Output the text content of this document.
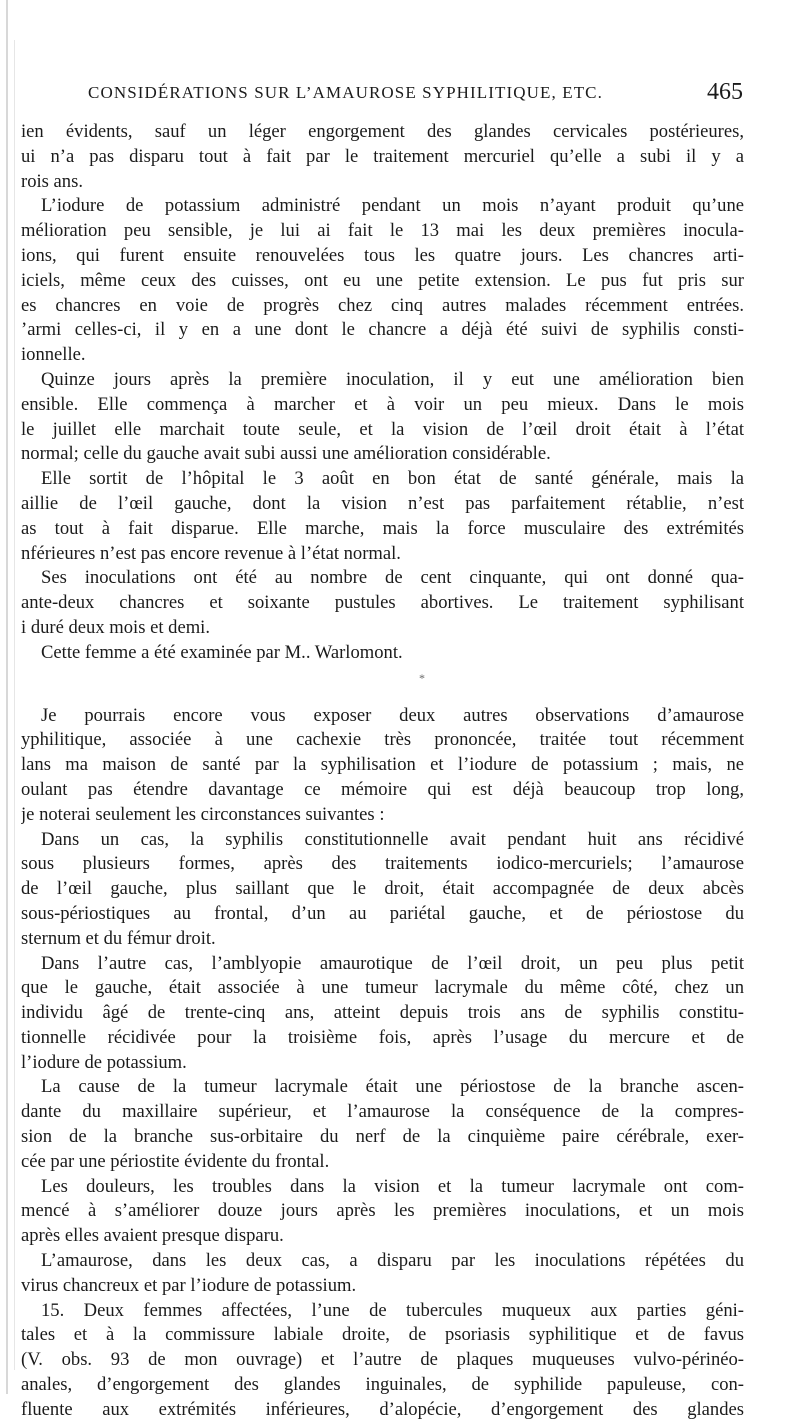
CONSIDÉRATIONS SUR L’AMAUROSE SYPHILITIQUE, ETC.	465
ien évidents, sauf un léger engorgement des glandes cervicales postérieures,
ui n’a pas disparu tout à fait par le traitement mercuriel qu’elle a subi il y a
rois ans.
L’iodure de potassium administré pendant un mois n’ayant produit qu’une
mélioration peu sensible, je lui ai fait le 13 mai les deux premières inocula-
ions, qui furent ensuite renouvelées tous les quatre jours. Les chancres arti-
iciels, même ceux des cuisses, ont eu une petite extension. Le pus fut pris sur
es chancres en voie de progrès chez cinq autres malades récemment entrées.
’armi celles-ci, il y en a une dont le chancre a déjà été suivi de syphilis consti-
ionnelle.
Quinze jours après la première inoculation, il y eut une amélioration bien
ensible. Elle commença à marcher et à voir un peu mieux. Dans le mois
le juillet elle marchait toute seule, et la vision de l’œil droit était à l’état
normal; celle du gauche avait subi aussi une amélioration considérable.
Elle sortit de l’hôpital le 3 août en bon état de santé générale, mais la
aillie de l’œil gauche, dont la vision n’est pas parfaitement rétablie, n’est
as tout à fait disparue. Elle marche, mais la force musculaire des extrémités
nférieures n’est pas encore revenue à l’état normal.
Ses inoculations ont été au nombre de cent cinquante, qui ont donné qua-
ante-deux chancres et soixante pustules abortives. Le traitement syphilisant
i duré deux mois et demi.
Cette femme a été examinée par M.. Warlomont.
*
Je pourrais encore vous exposer deux autres observations d’amaurose
yphilitique, associée à une cachexie très prononcée, traitée tout récemment
lans ma maison de santé par la syphilisation et l’iodure de potassium ; mais, ne
oulant pas étendre davantage ce mémoire qui est déjà beaucoup trop long,
je noterai seulement les circonstances suivantes :
Dans un cas, la syphilis constitutionnelle avait pendant huit ans récidivé
sous plusieurs formes, après des traitements iodico-mercuriels; l’amaurose
de l’œil gauche, plus saillant que le droit, était accompagnée de deux abcès
sous-périostiques au frontal, d’un au pariétal gauche, et de périostose du
sternum et du fémur droit.
Dans l’autre cas, l’amblyopie amaurotique de l’œil droit, un peu plus petit
que le gauche, était associée à une tumeur lacrymale du même côté, chez un
individu âgé de trente-cinq ans, atteint depuis trois ans de syphilis constitu-
tionnelle récidivée pour la troisième fois, après l’usage du mercure et de
l’iodure de potassium.
La cause de la tumeur lacrymale était une périostose de la branche ascen-
dante du maxillaire supérieur, et l’amaurose la conséquence de la compres-
sion de la branche sus-orbitaire du nerf de la cinquième paire cérébrale, exer-
cée par une périostite évidente du frontal.
Les douleurs, les troubles dans la vision et la tumeur lacrymale ont com-
mencé à s’améliorer douze jours après les premières inoculations, et un mois
après elles avaient presque disparu.
L’amaurose, dans les deux cas, a disparu par les inoculations répétées du
virus chancreux et par l’iodure de potassium.
15. Deux femmes affectées, l’une de tubercules muqueux aux parties géni-
tales et à la commissure labiale droite, de psoriasis syphilitique et de favus
(V. obs. 93 de mon ouvrage) et l’autre de plaques muqueuses vulvo-périnéo-
anales, d’engorgement des glandes inguinales, de syphilide papuleuse, con-
fluente aux extrémités inférieures, d’alopécie, d’engorgement des glandes
